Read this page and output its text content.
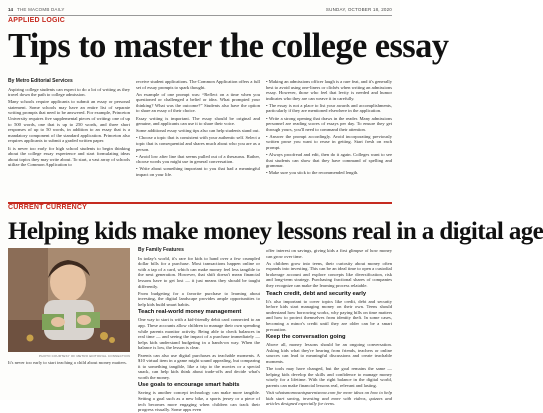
14 THE MACOMB DAILY	SUNDAY, OCTOBER 18, 2020
APPLIED LOGIC
Tips to master the college essay
By Metro Editorial Services

Aspiring college students can expect to do a lot of writing as they travel down the path to college admission.

Many schools require applicants to submit an essay or personal statement. Some schools may have an entire list of separate writing prompts that need to be answered. For example, Princeton University requires five supplemental pieces of writing: one of up to 500 words, one that is up to 250 words, and three short responses of up to 50 words, in addition to an essay that is a mandatory component of the standard application. Princeton also requires applicants to submit a graded written paper.

It is never too early for high school students to begin thinking about the college essay experience and start formulating ideas about topics they may write about. To start, a vast array of schools utilize the Common Application to

receive student applications. The Common Application offers a full set of essay prompts to spark thought.

An example of one prompt was: “Reflect on a time when you questioned or challenged a belief or idea. What prompted your thinking? What was the outcome?” Students also have the option to share an essay of their choice.

Essay writing is important. The essay should be original and genuine, and applicants can use it to share their voice.

Some additional essay writing tips also can help students stand out.

• Choose a topic that is consistent with your authentic self. Select a topic that is consequential and shares much about who you are as a person.

• Avoid low after line that seems pulled out of a thesaurus. Rather, choose words you might use in general conversation.

• Write about something important to you that had a meaningful impact on your life.

• Making an admissions officer laugh is a rare feat, and it's generally best to avoid using one-liners or clichés when writing an admissions essay. However, those who feel that levity is needed and humor indicates who they are can weave it in carefully.

• The essay is not a place to list your awards and accomplishments, particularly if they are mentioned elsewhere in the application.

• Write a strong opening that draws in the reader. Many admissions personnel are reading scores of essays per day. To ensure they get through yours, you'll need to command their attention.

• Answer the prompt accordingly. Avoid incorporating previously written prose you want to reuse in getting. Start fresh on each prompt.

• Always proofread and edit, then do it again. Colleges want to see that students can show that they have command of spelling and grammar.

• Make sure you stick to the recommended length.

CURRENT CURRENCY
Helping kids make money lessons real in a digital age
PHOTO COURTESY OF METRO EDITORIAL CONNECTION
It's never too early to start teaching a child about money matters.
By Family Features

In today's world, it's rare for kids to hand over a few crumpled dollar bills for a purchase. Most transactions happen online or with a tap of a card, which can make money feel less tangible to the next generation. However, that shift doesn't mean financial lessons have to get lost — it just means they should be taught differently.

From budgeting for a favorite purchase to learning about investing, the digital landscape provides ample opportunities to help kids build smart habits.

Teach real-world money management

One way to start is with a kid-friendly debit card connected to an app. These accounts allow children to manage their own spending while parents monitor activity. Being able to check balances in real time — and seeing the impact of a purchase immediately — helps kids understand budgeting in a hands-on way. When the balance is low, the lesson is clear.

Parents can also use digital purchases as teachable moments. A $10 virtual item in a game might sound appealing, but comparing it to something tangible, like a trip to the movies or a special snack, can help kids think about trade-offs and decide what's worth the money.

Use goals to encourage smart habits

Saving is another concept technology can make more tangible. Setting a goal such as a new bike, a sports jersey or a piece of tech becomes more engaging when children can track their progress visually. Some apps even

offer interest on savings, giving kids a first glimpse of how money can grow over time.

As children grow into teens, their curiosity about money often expands into investing. This can be an ideal time to open a custodial brokerage account and explore concepts like diversification, risk and long-term strategy. Purchasing fractional shares of companies they recognize can make the learning process relatable.

Teach credit, debt and security early

It's also important to cover topics like credit, debt and security before kids start managing money on their own. Teens should understand how borrowing works, why paying bills on time matters and how to protect themselves from identity theft. In some cases, becoming a minor's credit until they are older can be a smart precaution.

Keep the conversation going

Above all, money lessons should be an ongoing conversation. Asking kids what they're hearing from friends, teachers or online sources can lead to meaningful discussions and create teachable moments.

The tools may have changed, but the goal remains the same — helping kids develop the skills and confidence to manage money wisely for a lifetime. With the right balance in the digital world, parents can make financial lessons real, relevant and lasting.

Visit whatsmomwantsparentsnow.com for more ideas on how to help kids start saving, investing and more with videos, quizzes and articles designed especially for teens.
